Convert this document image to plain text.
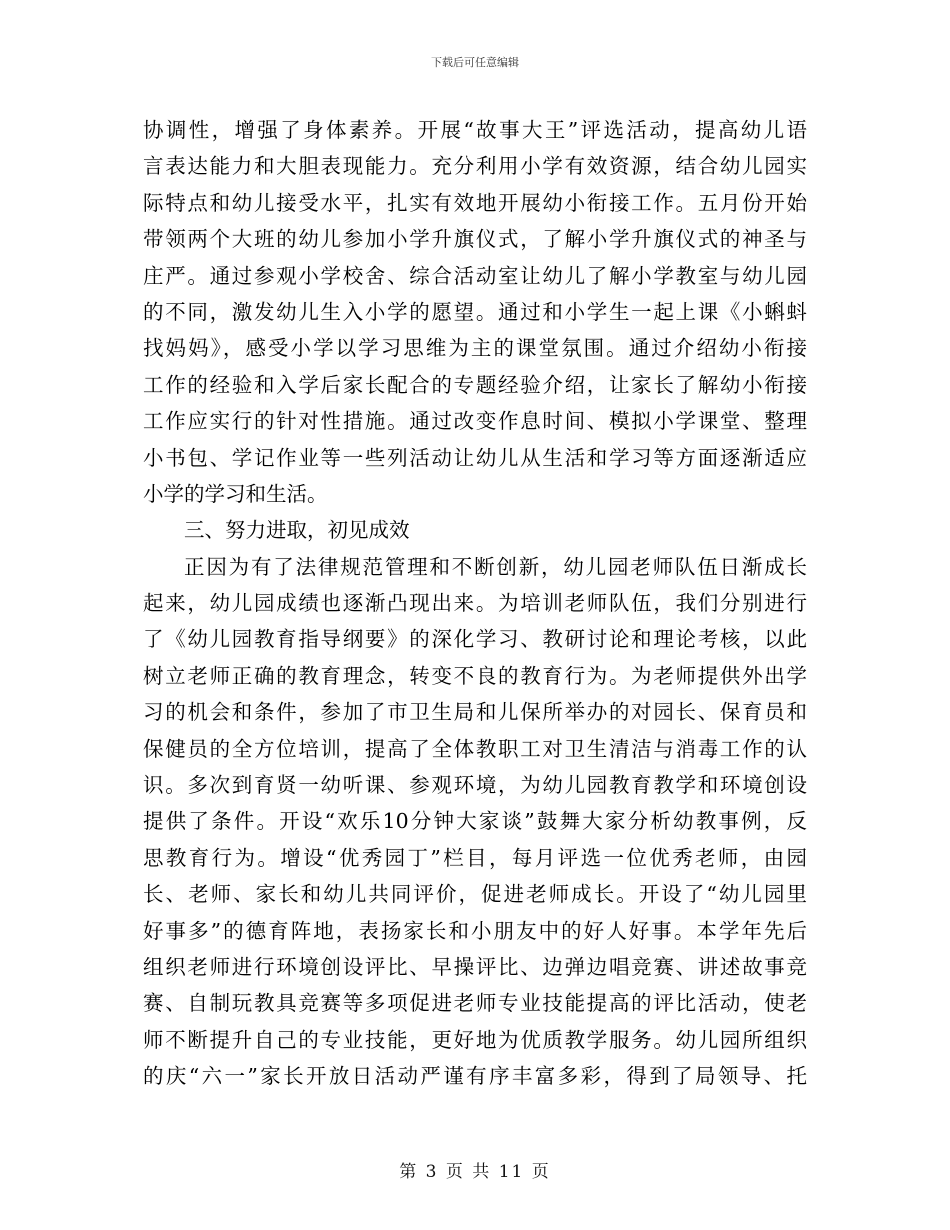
下载后可任意编辑
协调性，增强了身体素养。开展“故事大王”评选活动，提高幼儿语
言表达能力和大胆表现能力。充分利用小学有效资源，结合幼儿园实
际特点和幼儿接受水平，扎实有效地开展幼小衔接工作。五月份开始
带领两个大班的幼儿参加小学升旗仪式，了解小学升旗仪式的神圣与
庄严。通过参观小学校舍、综合活动室让幼儿了解小学教室与幼儿园
的不同，激发幼儿生入小学的愿望。通过和小学生一起上课《小蝌蚪
找妈妈》，感受小学以学习思维为主的课堂氛围。通过介绍幼小衔接
工作的经验和入学后家长配合的专题经验介绍，让家长了解幼小衔接
工作应实行的针对性措施。通过改变作息时间、模拟小学课堂、整理
小书包、学记作业等一些列活动让幼儿从生活和学习等方面逐渐适应
小学的学习和生活。
三、努力进取，初见成效
正因为有了法律规范管理和不断创新，幼儿园老师队伍日渐成长
起来，幼儿园成绩也逐渐凸现出来。为培训老师队伍，我们分别进行
了《幼儿园教育指导纲要》的深化学习、教研讨论和理论考核，以此
树立老师正确的教育理念，转变不良的教育行为。为老师提供外出学
习的机会和条件，参加了市卫生局和儿保所举办的对园长、保育员和
保健员的全方位培训，提高了全体教职工对卫生清洁与消毒工作的认
识。多次到育贤一幼听课、参观环境，为幼儿园教育教学和环境创设
提供了条件。开设“欢乐10分钟大家谈”鼓舞大家分析幼教事例，反
思教育行为。增设“优秀园丁”栏目，每月评选一位优秀老师，由园
长、老师、家长和幼儿共同评价，促进老师成长。开设了“幼儿园里
好事多”的德育阵地，表扬家长和小朋友中的好人好事。本学年先后
组织老师进行环境创设评比、早操评比、边弹边唱竞赛、讲述故事竞
赛、自制玩教具竞赛等多项促进老师专业技能提高的评比活动，使老
师不断提升自己的专业技能，更好地为优质教学服务。幼儿园所组织
的庆“六一”家长开放日活动严谨有序丰富多彩，得到了局领导、托
第 3 页 共 11 页
